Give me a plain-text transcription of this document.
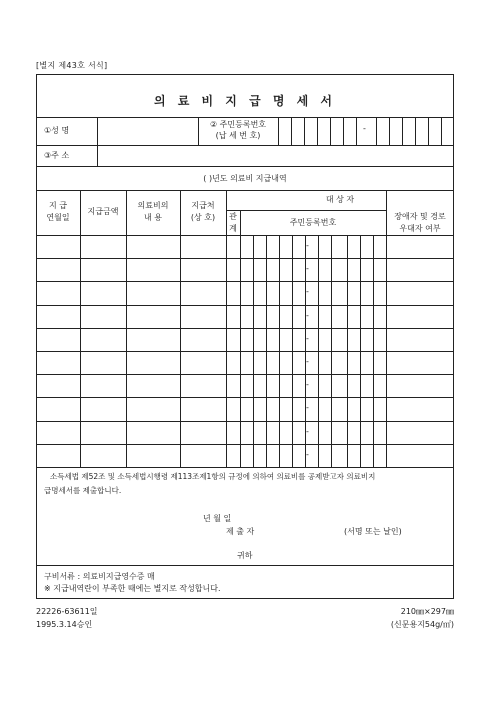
[별지 제43호 서식]
의 료 비 지 급 명 세 서
①성 명
② 주민등록번호
(납 세 번 호)
-
③주 소
( )년도 의료비 지급내역
지 급
연월일
지급금액
의료비의
내 용
지급처
(상 호)
대 상 자
관
계
주민등록번호
장애자 및 경로
우대자 여부
-
-
-
-
-
-
-
-
-
-
소득세법 제52조 및 소득세법시행령 제113조제1항의 규정에 의하여 의료비를 공제받고자 의료비지
급명세서를 제출합니다.
년 월 일
제 출 자	(서명 또는 날인)
귀하
구비서류 : 의료비지급영수증 매
※ 지급내역란이 부족한 때에는 별지로 작성합니다.
22226-63611일
1995.3.14승인
210㎜×297㎜
(신문용지54g/㎡)
